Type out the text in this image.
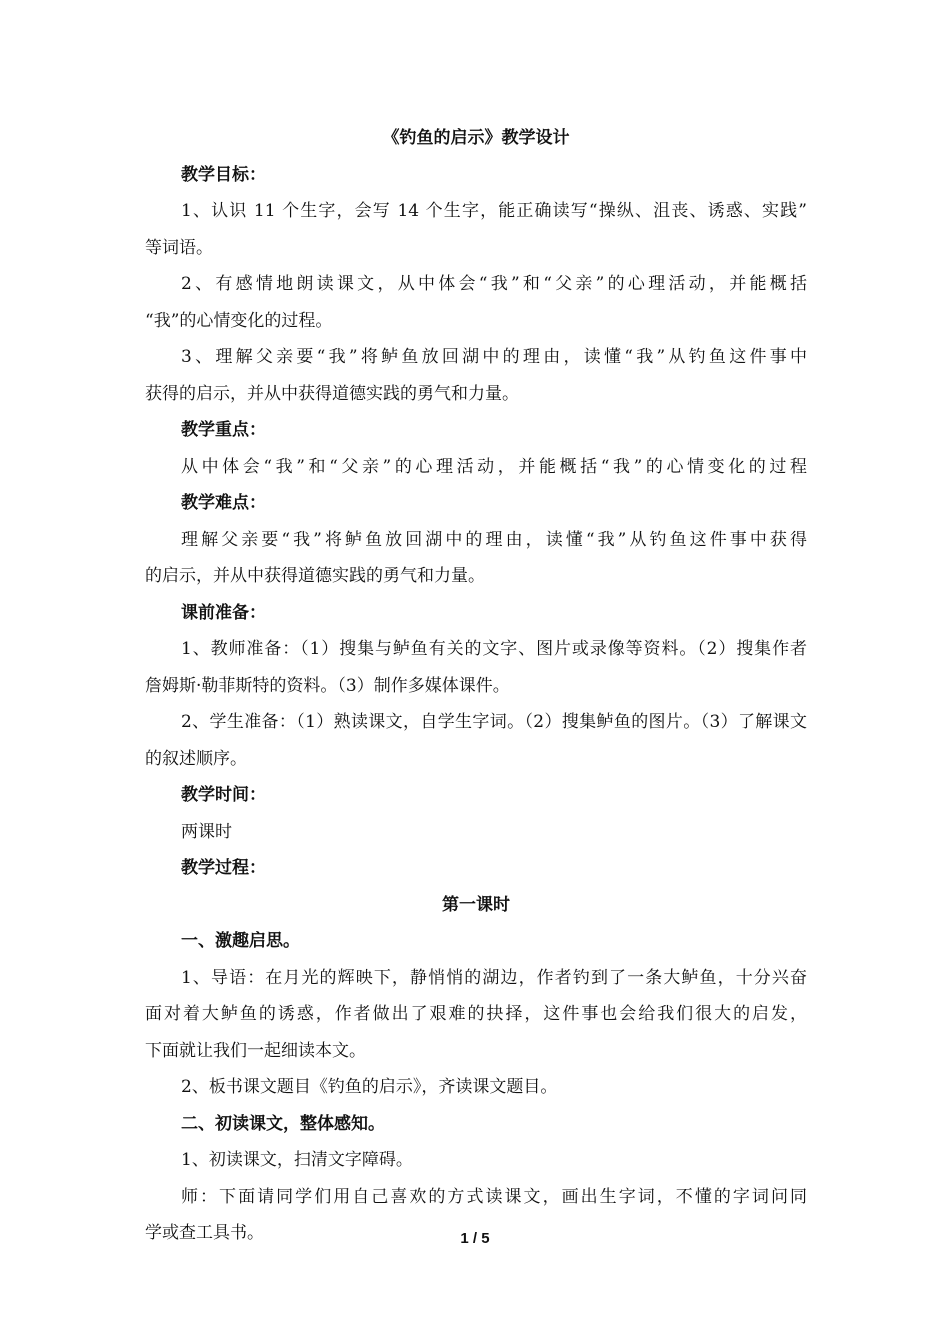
《钓鱼的启示》教学设计
教学目标：
1、认识 11 个生字，会写 14 个生字，能正确读写“操纵、沮丧、诱惑、实践”
等词语。
2、有感情地朗读课文，从中体会“我”和“父亲”的心理活动，并能概括
“我”的心情变化的过程。
3、理解父亲要“我”将鲈鱼放回湖中的理由，读懂“我”从钓鱼这件事中
获得的启示，并从中获得道德实践的勇气和力量。
教学重点：
从中体会“我”和“父亲”的心理活动，并能概括“我”的心情变化的过程
教学难点：
理解父亲要“我”将鲈鱼放回湖中的理由，读懂“我”从钓鱼这件事中获得
的启示，并从中获得道德实践的勇气和力量。
课前准备：
1、教师准备：（1）搜集与鲈鱼有关的文字、图片或录像等资料。（2）搜集作者
詹姆斯·勒菲斯特的资料。（3）制作多媒体课件。
2、学生准备：（1）熟读课文，自学生字词。（2）搜集鲈鱼的图片。（3）了解课文
的叙述顺序。
教学时间：
两课时
教学过程：
第一课时
一、激趣启思。
1、导语：在月光的辉映下，静悄悄的湖边，作者钓到了一条大鲈鱼，十分兴奋
面对着大鲈鱼的诱惑，作者做出了艰难的抉择，这件事也会给我们很大的启发，
下面就让我们一起细读本文。
2、板书课文题目《钓鱼的启示》，齐读课文题目。
二、初读课文，整体感知。
1、初读课文，扫清文字障碍。
师：下面请同学们用自己喜欢的方式读课文，画出生字词，不懂的字词问同
学或查工具书。	1 / 5
